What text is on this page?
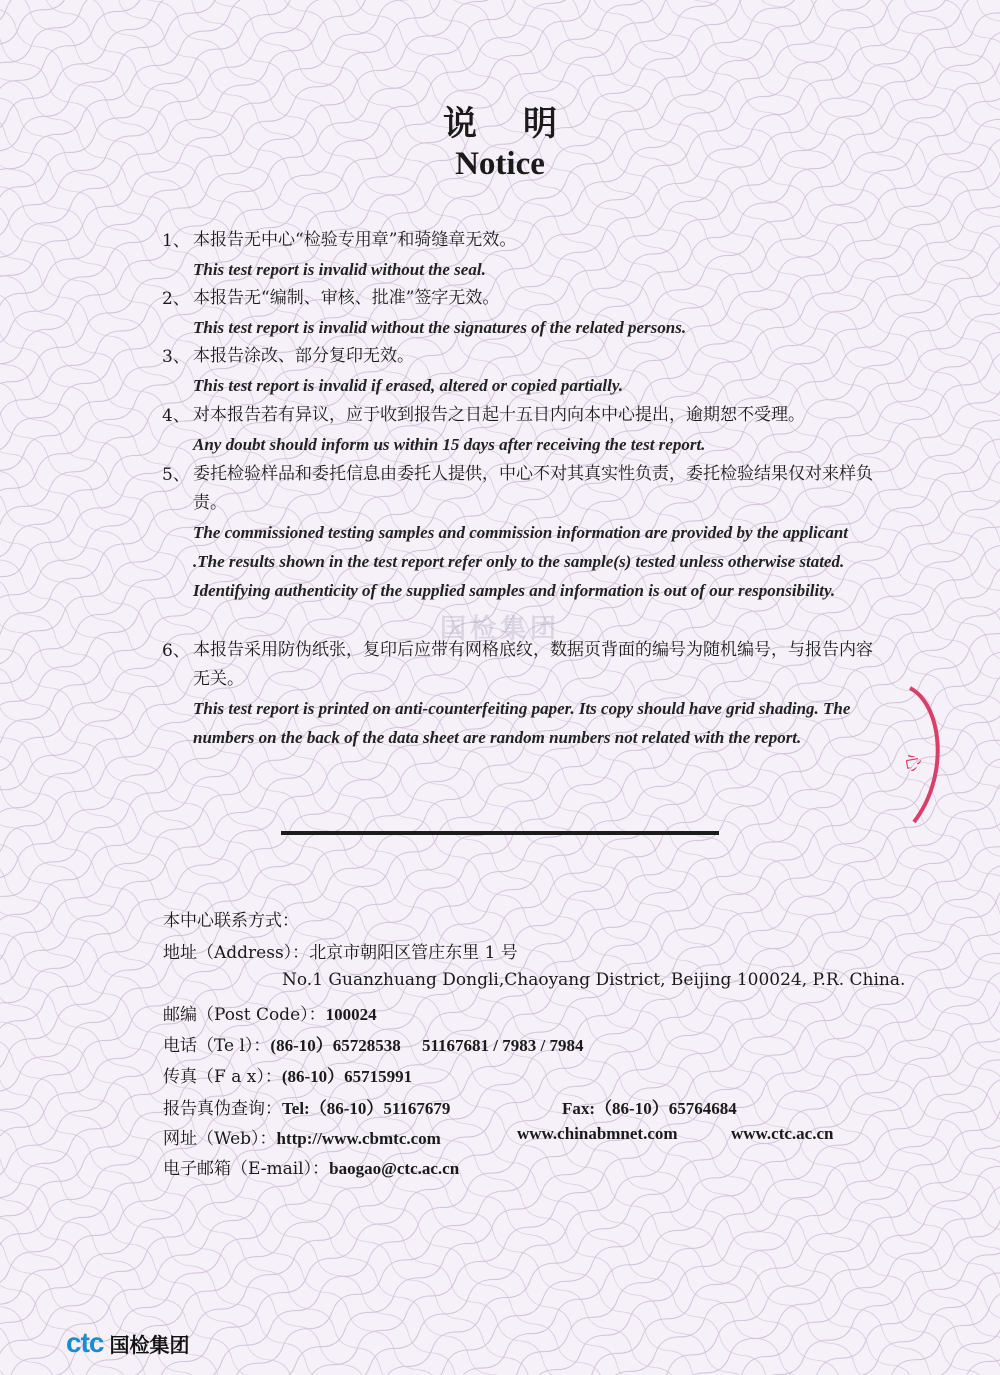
说明
Notice
1、 本报告无中心“检验专用章”和骑缝章无效。
This test report is invalid without the seal.
2、 本报告无“编制、审核、批准”签字无效。
This test report is invalid without the signatures of the related persons.
3、 本报告涂改、部分复印无效。
This test report is invalid if erased, altered or copied partially.
4、 对本报告若有异议，应于收到报告之日起十五日内向本中心提出，逾期恕不受理。
Any doubt should inform us within 15 days after receiving the test report.
5、 委托检验样品和委托信息由委托人提供，中心不对其真实性负责，委托检验结果仅对来样负责。
The commissioned testing samples and commission information are provided by the applicant .The results shown in the test report refer only to the sample(s) tested unless otherwise stated. Identifying authenticity of the supplied samples and information is out of our responsibility.
6、 本报告采用防伪纸张，复印后应带有网格底纹，数据页背面的编号为随机编号，与报告内容无关。
This test report is printed on anti-counterfeiting paper. Its copy should have grid shading. The numbers on the back of the data sheet are random numbers not related with the report.
国检集团
心
本中心联系方式：
地址（Address）：北京市朝阳区管庄东里 1 号
No.1 Guanzhuang Dongli,Chaoyang District, Beijing 100024, P.R. China.
邮编（Post Code）：100024
电话（Te l）：(86-10）65728538　 51167681 / 7983 / 7984
传真（F a x）：(86-10）65715991
报告真伪查询：Tel:（86-10）51167679	Fax:（86-10）65764684
网址（Web）：http://www.cbmtc.com	www.chinabmnet.com	www.ctc.ac.cn
电子邮箱（E-mail）：baogao@ctc.ac.cn
ctc 国检集团
